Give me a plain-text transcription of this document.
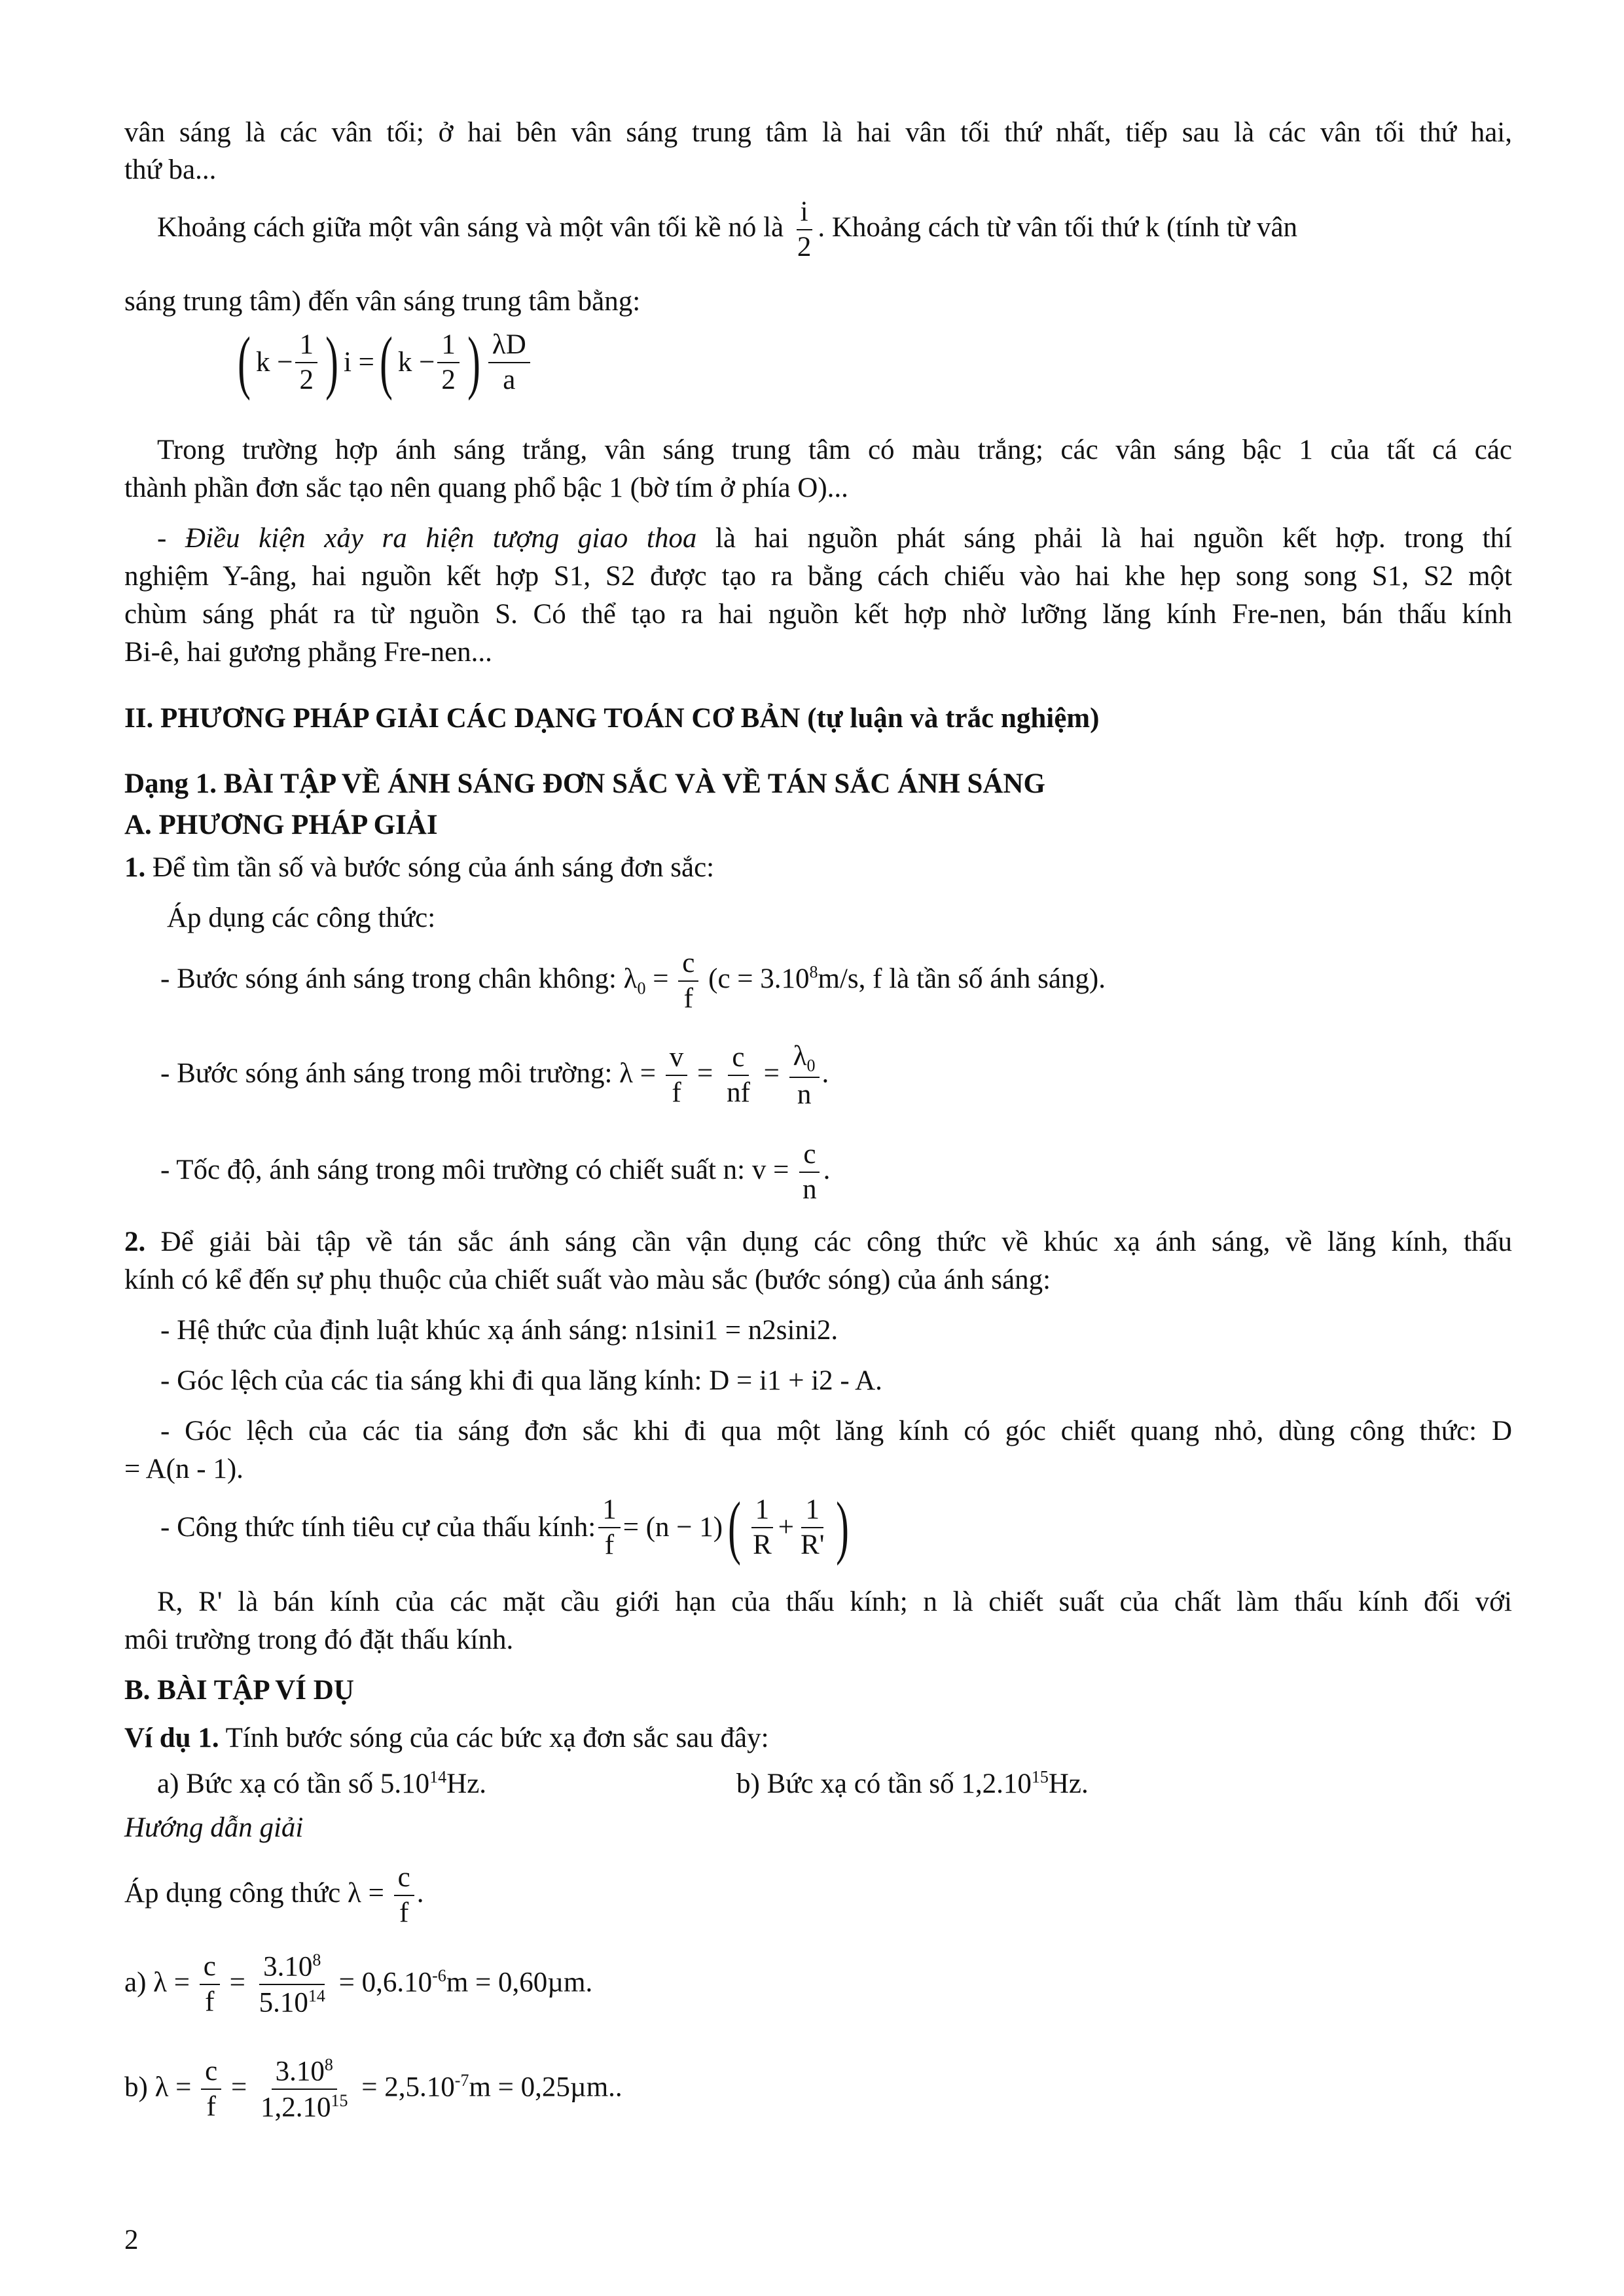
vân sáng là các vân tối; ở hai bên vân sáng trung tâm là hai vân tối thứ nhất, tiếp sau là các vân tối thứ hai,

thứ ba...

Khoảng cách giữa một vân sáng và một vân tối kề nó là $\frac{i}{2}$ . Khoảng cách từ vân tối thứ k (tính từ vân

sáng trung tâm) đến vân sáng trung tâm bằng:

( $k - \frac{1}{2}$ ) i = ( $k - \frac{1}{2}$ ) $\frac{\lambda D}{a}$

Trong trường hợp ánh sáng trắng, vân sáng trung tâm có màu trắng; các vân sáng bậc 1 của tất cá các

thành phần đơn sắc tạo nên quang phổ bậc 1 (bờ tím ở phía O)...

- Điều kiện xảy ra hiện tượng giao thoa là hai nguồn phát sáng phải là hai nguồn kết hợp. trong thí

nghiệm Y-âng, hai nguồn kết hợp S1, S2 được tạo ra bằng cách chiếu vào hai khe hẹp song song S1, S2 một

chùm sáng phát ra từ nguồn S. Có thể tạo ra hai nguồn kết hợp nhờ lưỡng lăng kính Fre-nen, bán thấu kính

Bi-ê, hai gương phẳng Fre-nen...

II. PHƯƠNG PHÁP GIẢI CÁC DẠNG TOÁN CƠ BẢN (tự luận và trắc nghiệm)

Dạng 1. BÀI TẬP VỀ ÁNH SÁNG ĐƠN SẮC VÀ VỀ TÁN SẮC ÁNH SÁNG

A. PHƯƠNG PHÁP GIẢI

1. Để tìm tần số và bước sóng của ánh sáng đơn sắc:

Áp dụng các công thức:

- Bước sóng ánh sáng trong chân không: $\lambda_0 = \frac{c}{f} (c = 3.10^8m/s$, f là tần số ánh sáng).

- Bước sóng ánh sáng trong môi trường: $\lambda = \frac{v}{f} = \frac{c}{nf} = \frac{\lambda_0}{n}$ .

- Tốc độ, ánh sáng trong môi trường có chiết suất n: $v = \frac{c}{n}$ .

2. Để giải bài tập về tán sắc ánh sáng cần vận dụng các công thức về khúc xạ ánh sáng, về lăng kính, thấu

kính có kể đến sự phụ thuộc của chiết suất vào màu sắc (bước sóng) của ánh sáng:

- Hệ thức của định luật khúc xạ ánh sáng: n1sini1 = n2sini2.

- Góc lệch của các tia sáng khi đi qua lăng kính: D = i1 + i2 - A.

- Góc lệch của các tia sáng đơn sắc khi đi qua một lăng kính có góc chiết quang nhỏ, dùng công thức: D

= A(n - 1).

- Công thức tính tiêu cự của thấu kính: $\frac{1}{f} = (n - 1)$ ( $\frac{1}{R} + \frac{1}{R'}$ )

R, R' là bán kính của các mặt cầu giới hạn của thấu kính; n là chiết suất của chất làm thấu kính đối với

môi trường trong đó đặt thấu kính.

B. BÀI TẬP VÍ DỤ

Ví dụ 1. Tính bước sóng của các bức xạ đơn sắc sau đây:

a) Bức xạ có tần số 5.10$^{14}$Hz.	b) Bức xạ có tần số 1,2.10$^{15}$Hz.

Hướng dẫn giải

Áp dụng công thức $\lambda = \frac{c}{f}$ .

a) $\lambda = \frac{c}{f} = \frac{3.10^8}{5.10^{14}} = 0,6.10^{-6}m = 0,60\mu m$.

b) $\lambda = \frac{c}{f} = \frac{3.10^8}{1,2.10^{15}} = 2,5.10^{-7}m = 0,25\mu m$..

2
